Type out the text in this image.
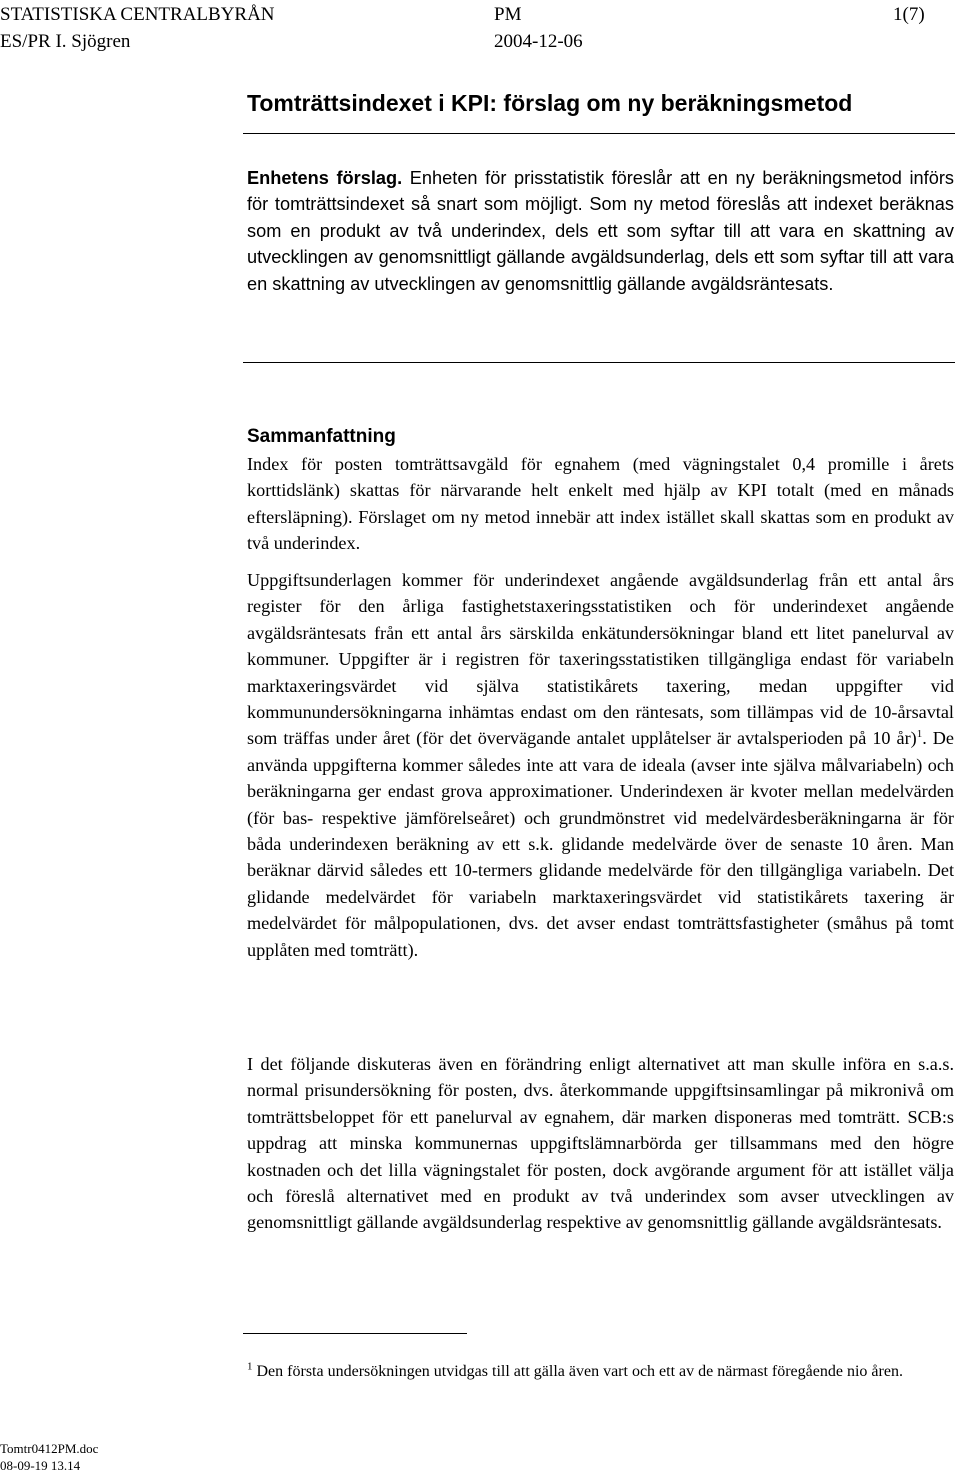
STATISTISKA CENTRALBYRÅN	PM	1(7)
ES/PR I. Sjögren	2004-12-06
Tomträttsindexet i KPI: förslag om ny beräkningsmetod

Enhetens förslag. Enheten för prisstatistik föreslår att en ny beräkningsmetod införs för tomträttsindexet så snart som möjligt. Som ny metod föreslås att indexet beräknas som en produkt av två underindex, dels ett som syftar till att vara en skattning av utvecklingen av genomsnittligt gällande avgäldsunderlag, dels ett som syftar till att vara en skattning av utvecklingen av genomsnittlig gällande avgäldsräntesats.

Sammanfattning

Index för posten tomträttsavgäld för egnahem (med vägningstalet 0,4 promille i årets korttidslänk) skattas för närvarande helt enkelt med hjälp av KPI totalt (med en månads eftersläpning). Förslaget om ny metod innebär att index istället skall skattas som en produkt av två underindex.

Uppgiftsunderlagen kommer för underindexet angående avgäldsunderlag från ett antal års register för den årliga fastighetstaxeringsstatistiken och för underindexet angående avgäldsräntesats från ett antal års särskilda enkätundersökningar bland ett litet panelurval av kommuner. Uppgifter är i registren för taxeringsstatistiken tillgängliga endast för variabeln marktaxeringsvärdet vid själva statistikårets taxering, medan uppgifter vid kommunundersökningarna inhämtas endast om den räntesats, som tillämpas vid de 10-årsavtal som träffas under året (för det övervägande antalet upplåtelser är avtalsperioden på 10 år)$^1$. De använda uppgifterna kommer således inte att vara de ideala (avser inte själva målvariabeln) och beräkningarna ger endast grova approximationer. Underindexen är kvoter mellan medelvärden (för bas- respektive jämförelseåret) och grundmönstret vid medelvärdesberäkningarna är för båda underindexen beräkning av ett s.k. glidande medelvärde över de senaste 10 åren. Man beräknar därvid således ett 10-termers glidande medelvärde för den tillgängliga variabeln. Det glidande medelvärdet för variabeln marktaxeringsvärdet vid statistikårets taxering är medelvärdet för målpopulationen, dvs. det avser endast tomträttsfastigheter (småhus på tomt upplåten med tomträtt).

I det följande diskuteras även en förändring enligt alternativet att man skulle införa en s.a.s. normal prisundersökning för posten, dvs. återkommande uppgiftsinsamlingar på mikronivå om tomträttsbeloppet för ett panelurval av egnahem, där marken disponeras med tomträtt. SCB:s uppdrag att minska kommunernas uppgiftslämnarbörda ger tillsammans med den högre kostnaden och det lilla vägningstalet för posten, dock avgörande argument för att istället välja och föreslå alternativet med en produkt av två underindex som avser utvecklingen av genomsnittligt gällande avgäldsunderlag respektive av genomsnittlig gällande avgäldsräntesats.

$^1$ Den första undersökningen utvidgas till att gälla även vart och ett av de närmast föregående nio åren.

Tomtr0412PM.doc
08-09-19 13.14
